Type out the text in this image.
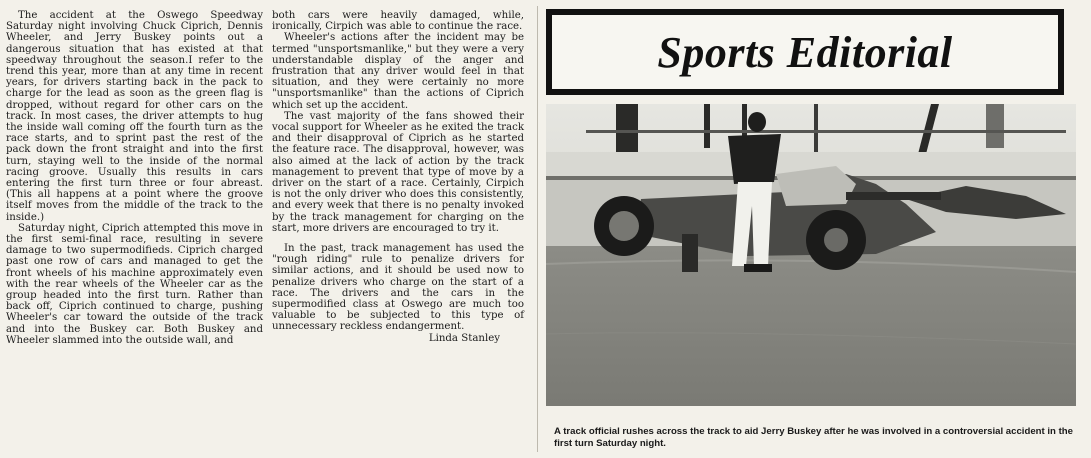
The accident at the Oswego Speedway Saturday night involving Chuck Ciprich, Dennis Wheeler, and Jerry Buskey points out a dangerous situation that has existed at that speedway throughout the season.I refer to the trend this year, more than at any time in recent years, for drivers starting back in the pack to charge for the lead as soon as the green flag is dropped, without regard for other cars on the track. In most cases, the driver attempts to hug the inside wall coming off the fourth turn as the race starts, and to sprint past the rest of the pack down the front straight and into the first turn, staying well to the inside of the normal racing groove. Usually this results in cars entering the first turn three or four abreast. (This all happens at a point where the groove itself moves from the middle of the track to the inside.)

Saturday night, Ciprich attempted this move in the first semi-final race, resulting in severe damage to two supermodifieds. Ciprich charged past one row of cars and managed to get the front wheels of his machine approximately even with the rear wheels of the Wheeler car as the group headed into the first turn. Rather than back off, Ciprich continued to charge, pushing Wheeler's car toward the outside of the track and into the Buskey car. Both Buskey and Wheeler slammed into the outside wall, and

both cars were heavily damaged, while, ironically, Cirpich was able to continue the race.

Wheeler's actions after the incident may be termed "unsportsmanlike," but they were a very understandable display of the anger and frustration that any driver would feel in that situation, and they were certainly no more "unsportsmanlike" than the actions of Ciprich which set up the accident.

The vast majority of the fans showed their vocal support for Wheeler as he exited the track and their disapproval of Ciprich as he started the feature race. The disapproval, however, was also aimed at the lack of action by the track management to prevent that type of move by a driver on the start of a race. Certainly, Cirpich is not the only driver who does this consistently, and every week that there is no penalty invoked by the track management for charging on the start, more drivers are encouraged to try it.

In the past, track management has used the "rough riding" rule to penalize drivers for similar actions, and it should be used now to penalize drivers who charge on the start of a race. The drivers and the cars in the supermodified class at Oswego are much too valuable to be subjected to this type of unnecessary reckless endangerment.

Linda Stanley

Sports Editorial
A track official rushes across the track to aid Jerry Buskey after he was involved in a controversial accident in the first turn Saturday night.
